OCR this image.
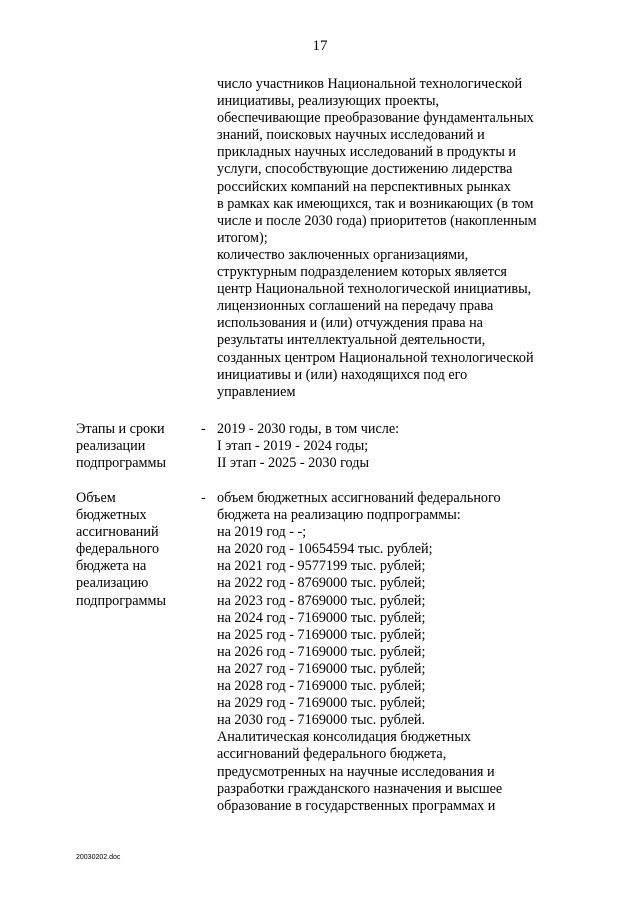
17
число участников Национальной технологической
инициативы, реализующих проекты,
обеспечивающие преобразование фундаментальных
знаний, поисковых научных исследований и
прикладных научных исследований в продукты и
услуги, способствующие достижению лидерства
российских компаний на перспективных рынках
в рамках как имеющихся, так и возникающих (в том
числе и после 2030 года) приоритетов (накопленным
итогом);
количество заключенных организациями,
структурным подразделением которых является
центр Национальной технологической инициативы,
лицензионных соглашений на передачу права
использования и (или) отчуждения права на
результаты интеллектуальной деятельности,
созданных центром Национальной технологической
инициативы и (или) находящихся под его
управлением
Этапы и сроки
реализации
подпрограммы
- 2019 - 2030 годы, в том числе:
I этап - 2019 - 2024 годы;
II этап - 2025 - 2030 годы
Объем
бюджетных
ассигнований
федерального
бюджета на
реализацию
подпрограммы
- объем бюджетных ассигнований федерального
бюджета на реализацию подпрограммы:
на 2019 год - -;
на 2020 год - 10654594 тыс. рублей;
на 2021 год - 9577199 тыс. рублей;
на 2022 год - 8769000 тыс. рублей;
на 2023 год - 8769000 тыс. рублей;
на 2024 год - 7169000 тыс. рублей;
на 2025 год - 7169000 тыс. рублей;
на 2026 год - 7169000 тыс. рублей;
на 2027 год - 7169000 тыс. рублей;
на 2028 год - 7169000 тыс. рублей;
на 2029 год - 7169000 тыс. рублей;
на 2030 год - 7169000 тыс. рублей.
Аналитическая консолидация бюджетных
ассигнований федерального бюджета,
предусмотренных на научные исследования и
разработки гражданского назначения и высшее
образование в государственных программах и
20030202.doc
